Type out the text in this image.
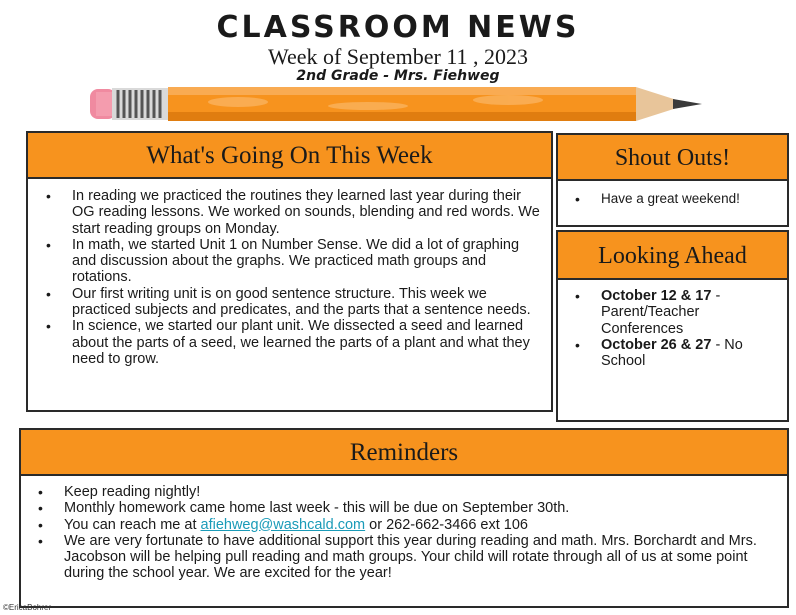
CLASSROOM NEWS
Week of September 11 , 2023
2nd Grade - Mrs. Fiehweg
What's Going On This Week
• In reading we practiced the routines they learned last year during their OG reading lessons. We worked on sounds, blending and red words. We start reading groups on Monday.
• In math, we started Unit 1 on Number Sense. We did a lot of graphing and discussion about the graphs. We practiced math groups and rotations.
• Our first writing unit is on good sentence structure. This week we practiced subjects and predicates, and the parts that a sentence needs.
• In science, we started our plant unit. We dissected a seed and learned about the parts of a seed, we learned the parts of a plant and what they need to grow.
Shout Outs!
• Have a great weekend!
Looking Ahead
• October 12 & 17 - Parent/Teacher Conferences
• October 26 & 27 - No School
Reminders
• Keep reading nightly!
• Monthly homework came home last week - this will be due on September 30th.
• You can reach me at afiehweg@washcald.com or 262-662-3466 ext 106
• We are very fortunate to have additional support this year during reading and math. Mrs. Borchardt and Mrs. Jacobson will be helping pull reading and math groups. Your child will rotate through all of us at some point during the school year. We are excited for the year!
©EricaBohrer
